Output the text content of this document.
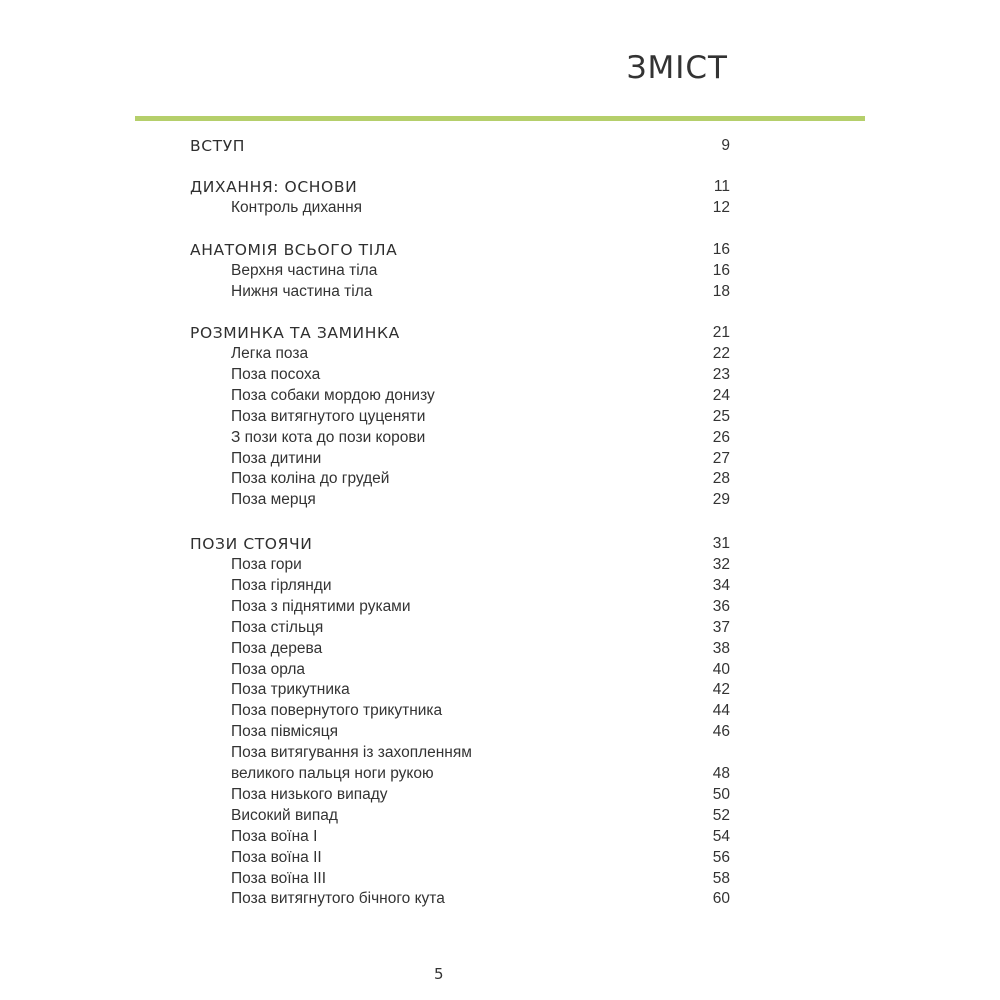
ЗМІСТ
ВСТУП	9
ДИХАННЯ: ОСНОВИ	11
Контроль дихання	12
АНАТОМІЯ ВСЬОГО ТІЛА	16
Верхня частина тіла	16
Нижня частина тіла	18
РОЗМИНКА ТА ЗАМИНКА	21
Легка поза	22
Поза посоха	23
Поза собаки мордою донизу	24
Поза витягнутого цуценяти	25
З пози кота до пози корови	26
Поза дитини	27
Поза коліна до грудей	28
Поза мерця	29
ПОЗИ СТОЯЧИ	31
Поза гори	32
Поза гірлянди	34
Поза з піднятими руками	36
Поза стільця	37
Поза дерева	38
Поза орла	40
Поза трикутника	42
Поза повернутого трикутника	44
Поза півмісяця	46
Поза витягування із захопленням
великого пальця ноги рукою	48
Поза низького випаду	50
Високий випад	52
Поза воїна I	54
Поза воїна II	56
Поза воїна III	58
Поза витягнутого бічного кута	60
5
